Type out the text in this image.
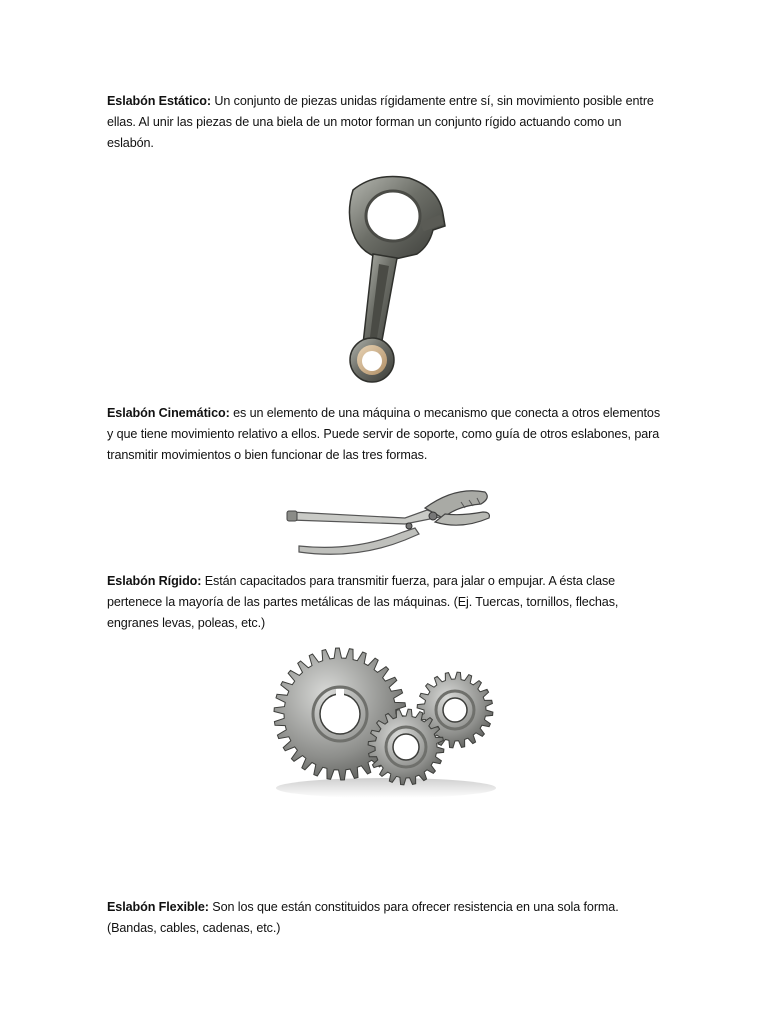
Eslabón Estático: Un conjunto de piezas unidas rígidamente entre sí, sin movimiento posible entre ellas. Al unir las piezas de una biela de un motor forman un conjunto rígido actuando como un eslabón.

Eslabón Cinemático: es un elemento de una máquina o mecanismo que conecta a otros elementos y que tiene movimiento relativo a ellos. Puede servir de soporte, como guía de otros eslabones, para transmitir movimientos o bien funcionar de las tres formas.

Eslabón Rígido: Están capacitados para transmitir fuerza, para jalar o empujar. A ésta clase pertenece la mayoría de las partes metálicas de las máquinas. (Ej. Tuercas, tornillos, flechas, engranes levas, poleas, etc.)

Eslabón Flexible: Son los que están constituidos para ofrecer resistencia en una sola forma. (Bandas, cables, cadenas, etc.)
